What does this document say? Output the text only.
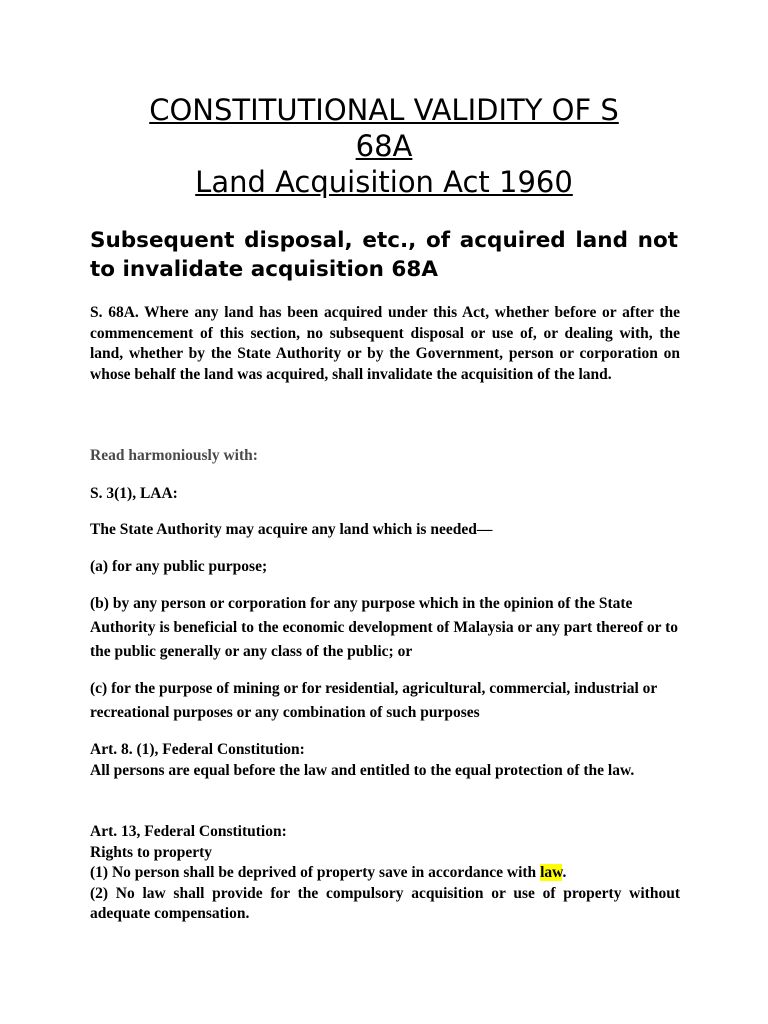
CONSTITUTIONAL VALIDITY OF S
68A
Land Acquisition Act 1960
Subsequent disposal, etc., of acquired land not to invalidate acquisition 68A
S. 68A. Where any land has been acquired under this Act, whether before or after the commencement of this section, no subsequent disposal or use of, or dealing with, the land, whether by the State Authority or by the Government, person or corporation on whose behalf the land was acquired, shall invalidate the acquisition of the land.
Read harmoniously with:
S. 3(1), LAA:
The State Authority may acquire any land which is needed—
(a) for any public purpose;
(b) by any person or corporation for any purpose which in the opinion of the State Authority is beneficial to the economic development of Malaysia or any part thereof or to the public generally or any class of the public; or
(c) for the purpose of mining or for residential, agricultural, commercial, industrial or recreational purposes or any combination of such purposes
Art. 8. (1), Federal Constitution:
All persons are equal before the law and entitled to the equal protection of the law.
Art. 13, Federal Constitution:
Rights to property
(1) No person shall be deprived of property save in accordance with law.
(2) No law shall provide for the compulsory acquisition or use of property without adequate compensation.
